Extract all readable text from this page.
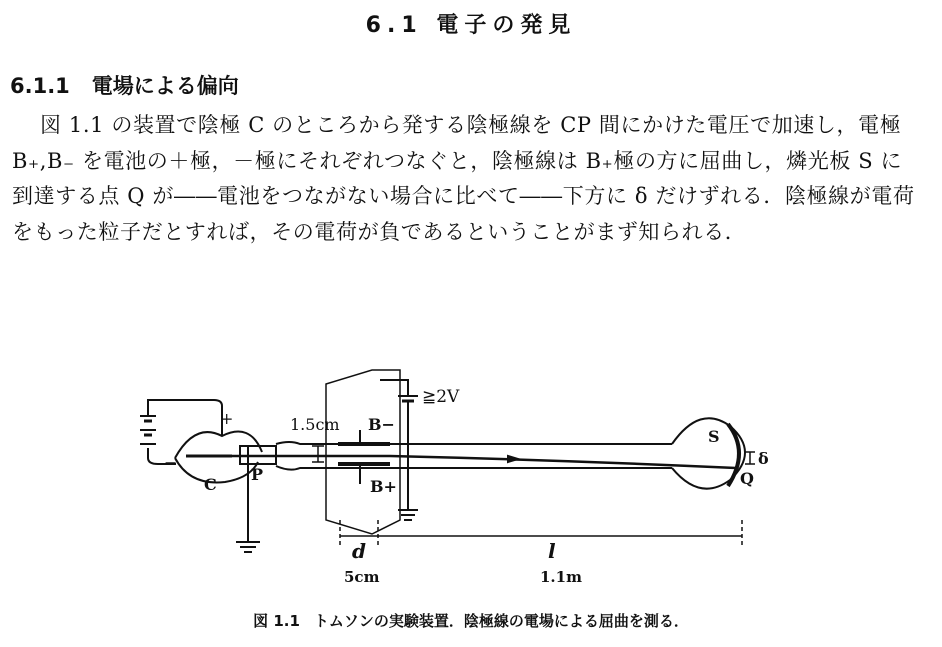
6.1 電子の発見
6.1.1 電場による偏向

図 1.1 の装置で陰極 C のところから発する陰極線を CP 間にかけた電圧で加速し，電極 B₊,B₋ を電池の＋極，－極にそれぞれつなぐと，陰極線は B₊極の方に屈曲し，燐光板 S に到達する点 Q が――電池をつながない場合に比べて――下方に δ だけずれる．陰極線が電荷をもった粒子だとすれば，その電荷が負であるということがまず知られる．

+
−
C
P
1.5cm B−
B+
≧2V
S
δ
Q
d
5cm
l
1.1m
図 1.1 トムソンの実験装置．陰極線の電場による屈曲を測る．
